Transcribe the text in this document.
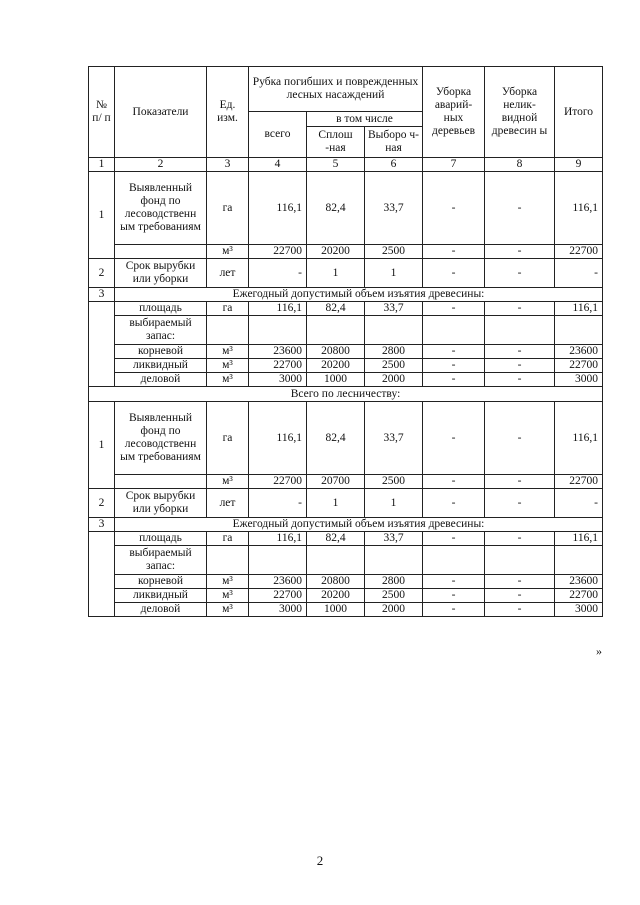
№ п/ п	Показатели	Ед. изм.	Рубка погибших и поврежденных лесных насаждений			Уборка аварий- ных деревьев	Уборка нелик- видной древесин ы	Итого
			всего	в том числе				
				Сплош -ная	Выборо ч-ная			
1	2	3	4	5	6	7	8	9
1	Выявленный фонд по лесоводственн ым требованиям	га	116,1	82,4	33,7	-	-	116,1
		м³	22700	20200	2500	-	-	22700
2	Срок вырубки или уборки	лет	-	1	1	-	-	-
3	Ежегодный допустимый объем изъятия древесины:							
	площадь	га	116,1	82,4	33,7	-	-	116,1
	выбираемый запас:							
	корневой	м³	23600	20800	2800	-	-	23600
	ликвидный	м³	22700	20200	2500	-	-	22700
	деловой	м³	3000	1000	2000	-	-	3000
Всего по лесничеству:								
1	Выявленный фонд по лесоводственн ым требованиям	га	116,1	82,4	33,7	-	-	116,1
		м³	22700	20700	2500	-	-	22700
2	Срок вырубки или уборки	лет	-	1	1	-	-	-
3	Ежегодный допустимый объем изъятия древесины:							
	площадь	га	116,1	82,4	33,7	-	-	116,1
	выбираемый запас:							
	корневой	м³	23600	20800	2800	-	-	23600
	ликвидный	м³	22700	20200	2500	-	-	22700
	деловой	м³	3000	1000	2000	-	-	3000
»
2
